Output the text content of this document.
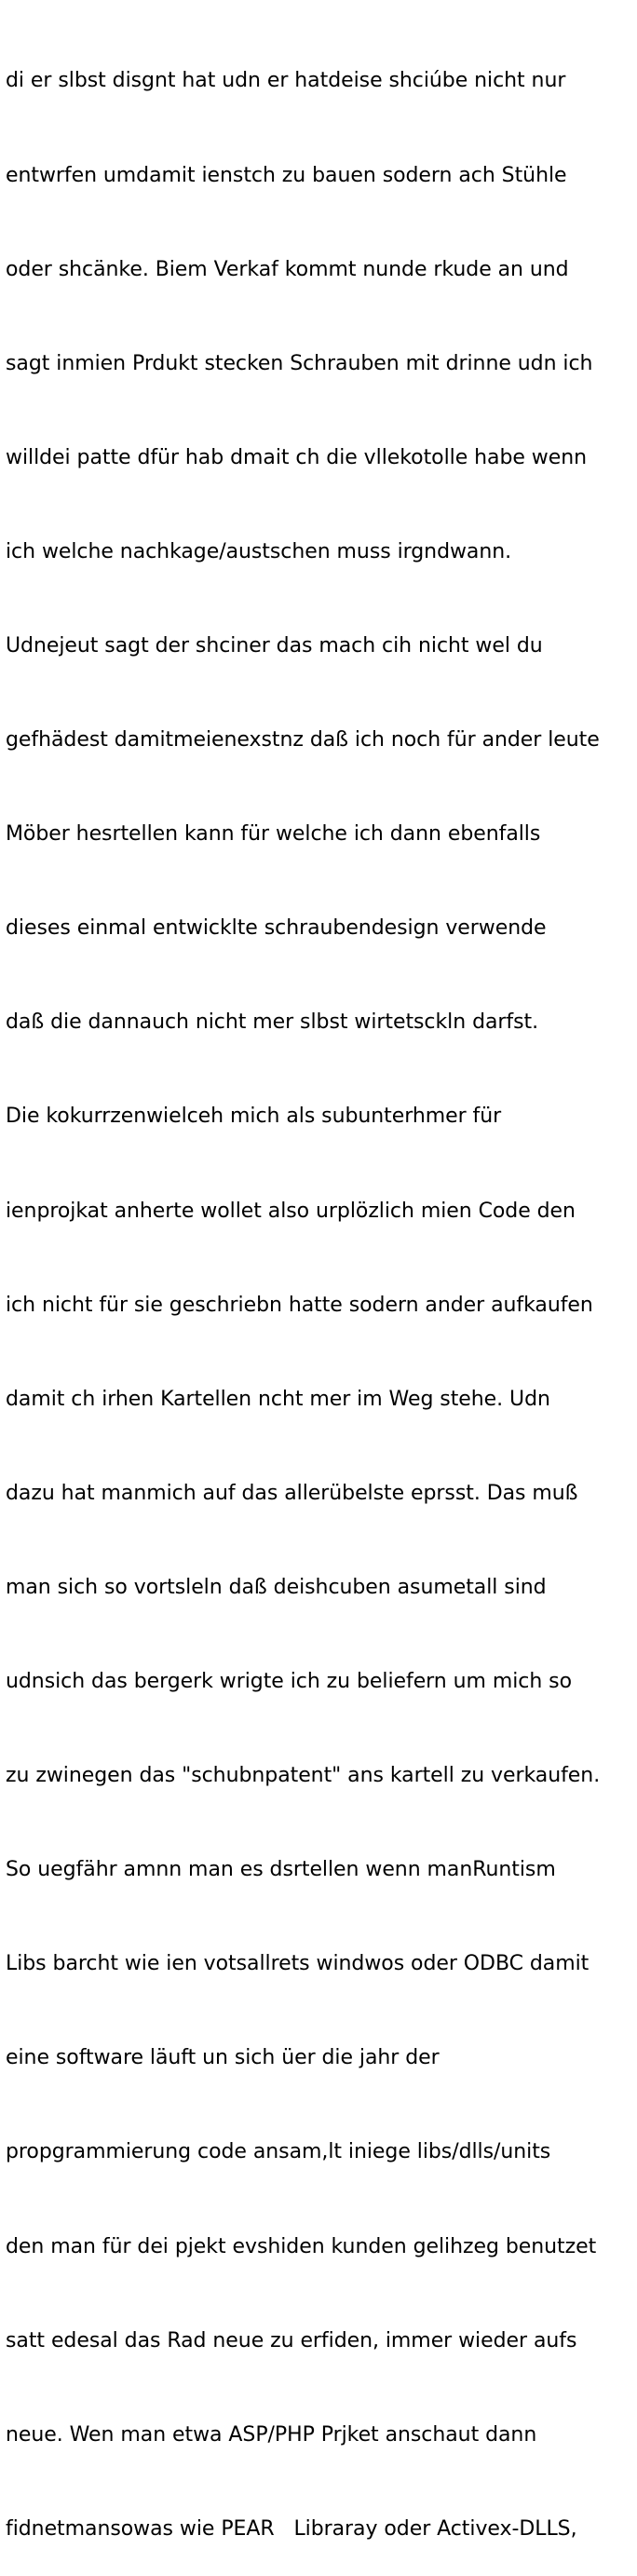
di er slbst disgnt hat udn er hatdeise shciúbe nicht nur

entwrfen umdamit ienstch zu bauen sodern ach Stühle

oder shcänke. Biem Verkaf kommt nunde rkude an und

sagt inmien Prdukt stecken Schrauben mit drinne udn ich

willdei patte dfür hab dmait ch die vllekotolle habe wenn

ich welche nachkage/austschen muss irgndwann.

Udnejeut sagt der shciner das mach cih nicht wel du

gefhädest damitmeienexstnz daß ich noch für ander leute

Möber hesrtellen kann für welche ich dann ebenfalls

dieses einmal entwicklte schraubendesign verwende

daß die dannauch nicht mer slbst wirtetsckln darfst.

Die kokurrzenwielceh mich als subunterhmer für

ienprojkat anherte wollet also urplözlich mien Code den

ich nicht für sie geschriebn hatte sodern ander aufkaufen

damit ch irhen Kartellen ncht mer im Weg stehe. Udn

dazu hat manmich auf das allerübelste eprsst. Das muß

man sich so vortsleln daß deishcuben asumetall sind

udnsich das bergerk wrigte ich zu beliefern um mich so

zu zwinegen das "schubnpatent" ans kartell zu verkaufen.

So uegfähr amnn man es dsrtellen wenn manRuntism

Libs barcht wie ien votsallrets windwos oder ODBC damit

eine software läuft un sich üer die jahr der

propgrammierung code ansam,lt iniege libs/dlls/units

den man für dei pjekt evshiden kunden gelihzeg benutzet

satt edesal das Rad neue zu erfiden, immer wieder aufs

neue. Wen man etwa ASP/PHP Prjket anschaut dann

fidnetmansowas wie PEAR   Libraray oder Activex-DLLS,
